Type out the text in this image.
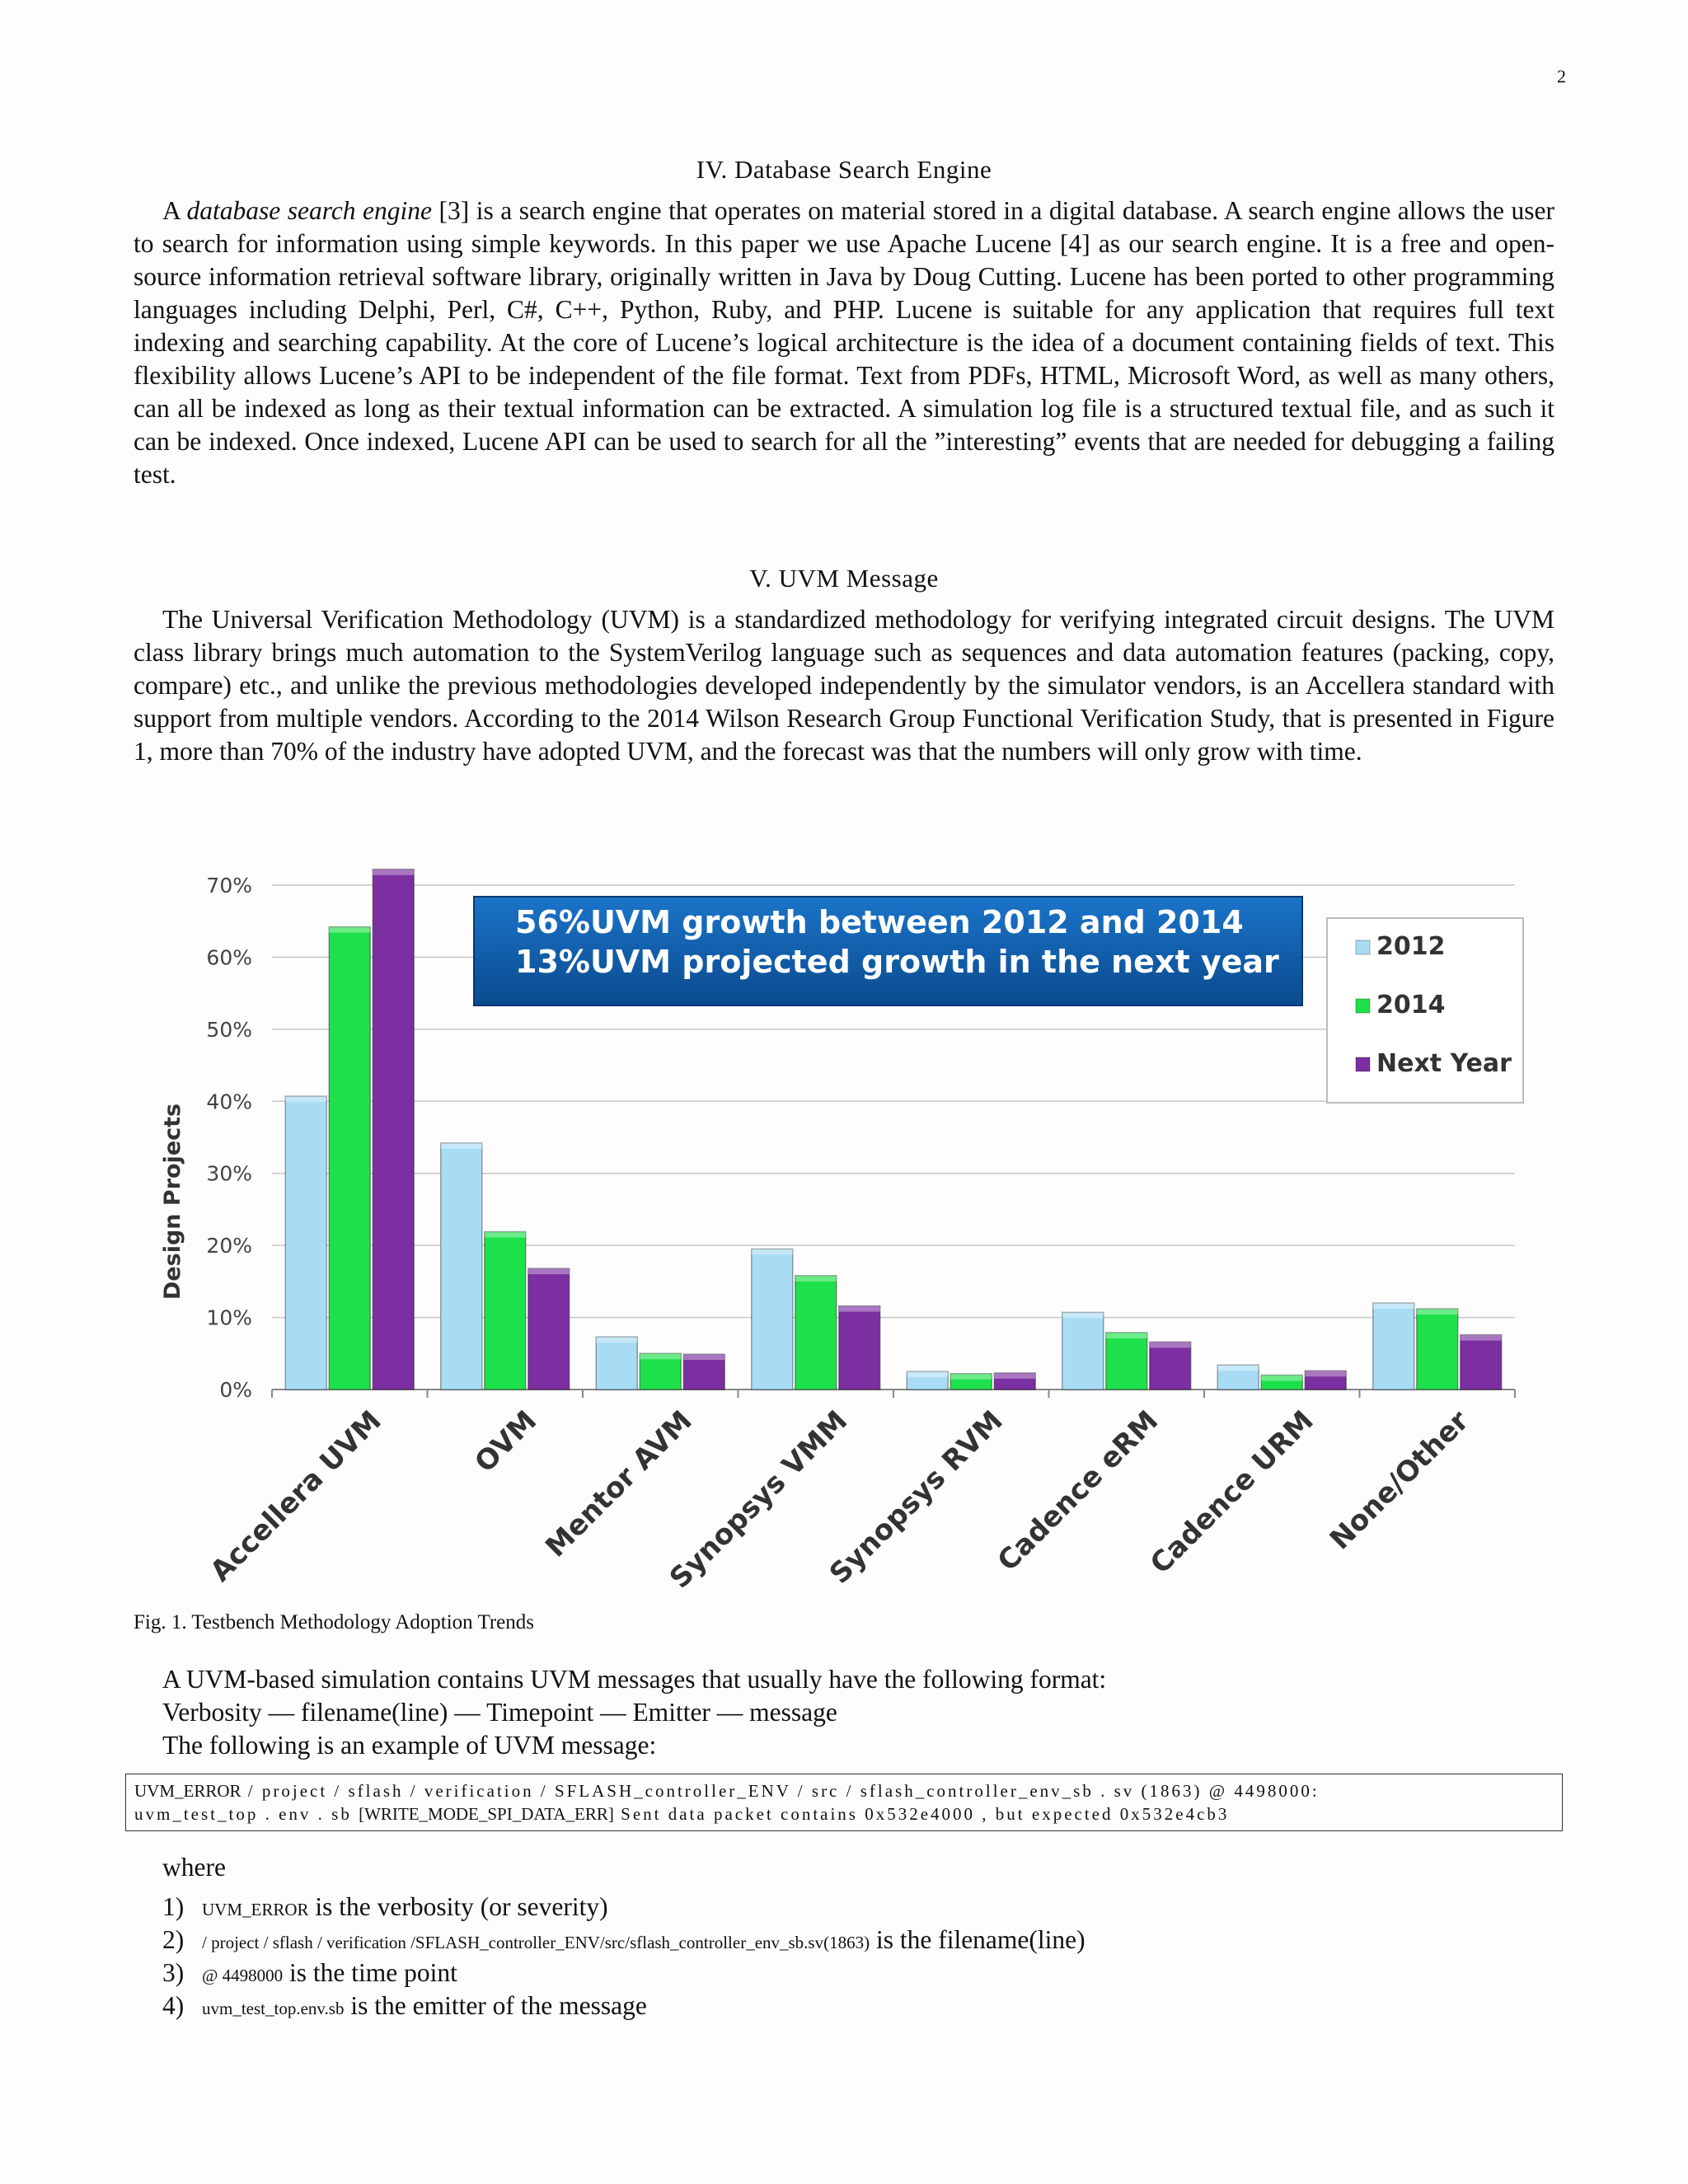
2
IV. Database Search Engine

A database search engine [3] is a search engine that operates on material stored in a digital database. A search engine allows the user to search for information using simple keywords. In this paper we use Apache Lucene [4] as our search engine. It is a free and open-source information retrieval software library, originally written in Java by Doug Cutting. Lucene has been ported to other programming languages including Delphi, Perl, C#, C++, Python, Ruby, and PHP. Lucene is suitable for any application that requires full text indexing and searching capability. At the core of Lucene’s logical architecture is the idea of a document containing fields of text. This flexibility allows Lucene’s API to be independent of the file format. Text from PDFs, HTML, Microsoft Word, as well as many others, can all be indexed as long as their textual information can be extracted. A simulation log file is a structured textual file, and as such it can be indexed. Once indexed, Lucene API can be used to search for all the ”interesting” events that are needed for debugging a failing test.

V. UVM Message

The Universal Verification Methodology (UVM) is a standardized methodology for verifying integrated circuit designs. The UVM class library brings much automation to the SystemVerilog language such as sequences and data automation features (packing, copy, compare) etc., and unlike the previous methodologies developed independently by the simulator vendors, is an Accellera standard with support from multiple vendors. According to the 2014 Wilson Research Group Functional Verification Study, that is presented in Figure 1, more than 70% of the industry have adopted UVM, and the forecast was that the numbers will only grow with time.

0%
10%
20%
30%
40%
50%
60%
70%
Accellera UVM	OVM
Mentor AVM
Synopsys VMM
Synopsys RVM
Cadence eRM
Cadence URM None/Other
56%UVM growth between 2012 and 2014
13%UVM projected growth in the next year	2012
2014
Next Year
Design Projects
Fig. 1. Testbench Methodology Adoption Trends
A UVM-based simulation contains UVM messages that usually have the following format:
Verbosity — filename(line) — Timepoint — Emitter — message
The following is an example of UVM message:
UVM_ERROR / project / sflash / verification / SFLASH_controller_ENV / src / sflash_controller_env_sb . sv (1863) @ 4498000:
uvm_test_top . env . sb [WRITE_MODE_SPI_DATA_ERR] Sent data packet contains 0x532e4000 , but expected 0x532e4cb3
where
1) UVM_ERROR is the verbosity (or severity)
2) / project / sflash / verification /SFLASH_controller_ENV/src/sflash_controller_env_sb.sv(1863) is the filename(line)
3) @ 4498000 is the time point
4) uvm_test_top.env.sb is the emitter of the message
